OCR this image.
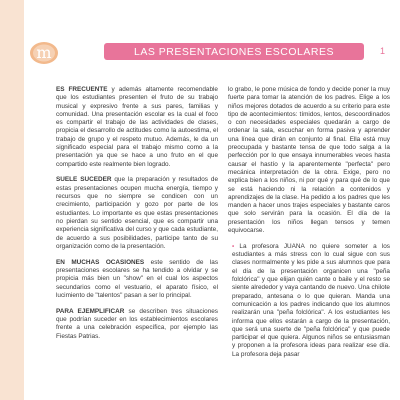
m	LAS PRESENTACIONES ESCOLARES	1

ES FRECUENTE y además altamente recomendable que los estudiantes presenten el fruto de su trabajo musical y expresivo frente a sus pares, familias y comunidad. Una presentación escolar es la cual el foco es compartir el trabajo de las actividades de clases, propicia el desarrollo de actitudes como la autoestima, el trabajo de grupo y el respeto mutuo. Además, le da un significado especial para el trabajo mismo como a la presentación ya que se hace a uno fruto en el que compartido este realmente bien logrado.

SUELE SUCEDER que la preparación y resultados de estas presentaciones ocupen mucha energía, tiempo y recursos que no siempre se condicen con un crecimiento, participación y gozo por parte de los estudiantes. Lo importante es que estas presentaciones no pierdan su sentido esencial, que es compartir una experiencia significativa del curso y que cada estudiante, de acuerdo a sus posibilidades, participe tanto de su organización como de la presentación.

EN MUCHAS OCASIONES este sentido de las presentaciones escolares se ha tendido a olvidar y se propicia más bien un "show" en el cual los aspectos secundarios como el vestuario, el aparato físico, el lucimiento de "talentos" pasan a ser lo principal.

PARA EJEMPLIFICAR se describen tres situaciones que podrían suceder en los establecimientos escolares frente a una celebración específica, por ejemplo las Fiestas Patrias.

lo grabo, le pone música de fondo y decide poner la muy fuerte para tomar la atención de los padres. Elige a los niños mejores dotados de acuerdo a su criterio para este tipo de acontecimientos: tímidos, lentos, descoordinados o con necesidades especiales quedarán a cargo de ordenar la sala, escuchar en forma pasiva y aprender una línea que dirán en conjunto al final. Ella está muy preocupada y bastante tensa de que todo salga a la perfección por lo que ensaya innumerables veces hasta causar el hastío y la aparentemente "perfecta" pero mecánica interpretación de la obra. Exige, pero no explica bien a los niños, ni por qué y para qué de lo que se está haciendo ni la relación a contenidos y aprendizajes de la clase. Ha pedido a los padres que les manden a hacer unos trajes especiales y bastante caros que solo servirán para la ocasión. El día de la presentación los niños llegan tensos y temen equivocarse.

• La profesora JUANA no quiere someter a los estudiantes a más stress con lo cual sigue con sus clases normalmente y les pide a sus alumnos que para el día de la presentación organicen una "peña folclórica" y que elijan quién cante o baile y el resto se siente alrededor y vaya cantando de nuevo. Una chilote preparado, antesana o lo que quieran. Manda una comunicación a los padres indicando que los alumnos realizarán una "peña folclórica". A los estudiantes les informa que ellos estarán a cargo de la presentación, que será una suerte de "peña folclórica" y que puede participar el que quiera. Algunos niños se entusiasman y proponen a la profesora ideas para realizar ese día. La profesora deja pasar
